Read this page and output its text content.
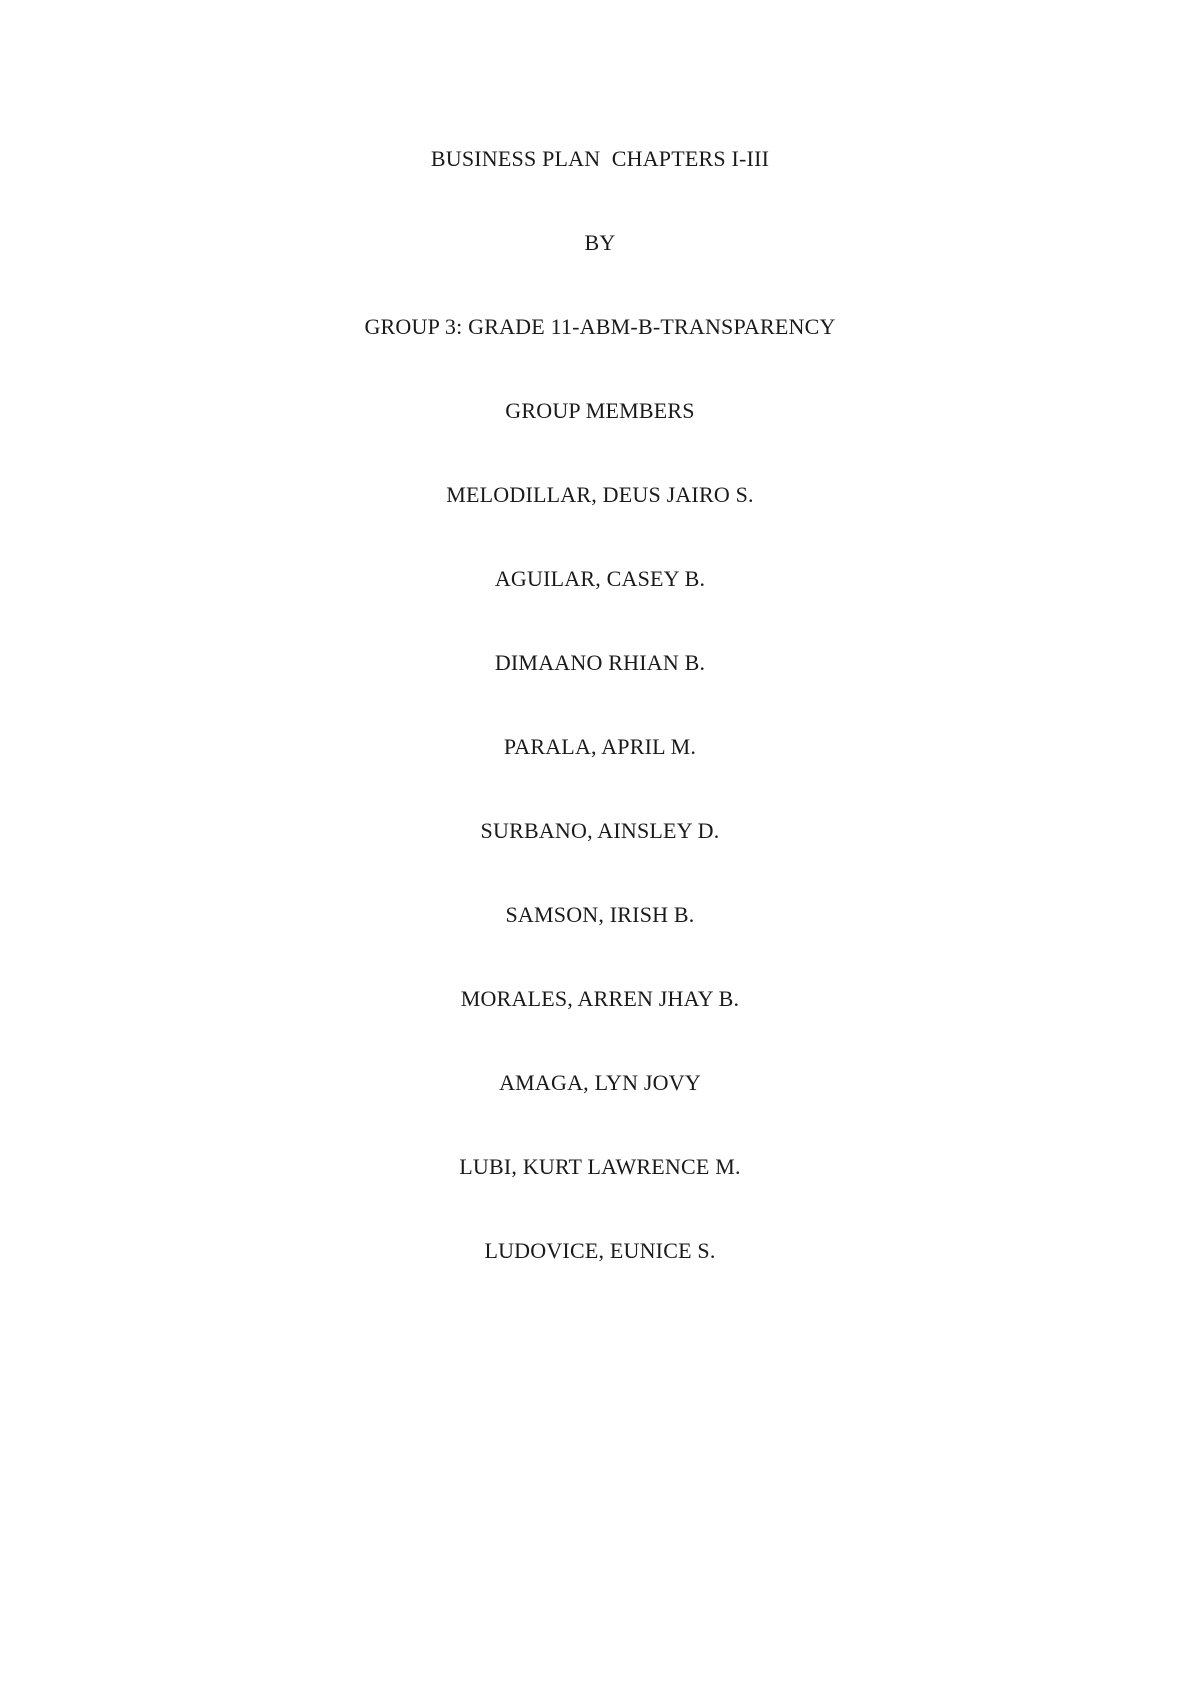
BUSINESS PLAN  CHAPTERS I-III
BY
GROUP 3: GRADE 11-ABM-B-TRANSPARENCY
GROUP MEMBERS
MELODILLAR, DEUS JAIRO S.
AGUILAR, CASEY B.
DIMAANO RHIAN B.
PARALA, APRIL M.
SURBANO, AINSLEY D.
SAMSON, IRISH B.
MORALES, ARREN JHAY B.
AMAGA, LYN JOVY
LUBI, KURT LAWRENCE M.
LUDOVICE, EUNICE S.
